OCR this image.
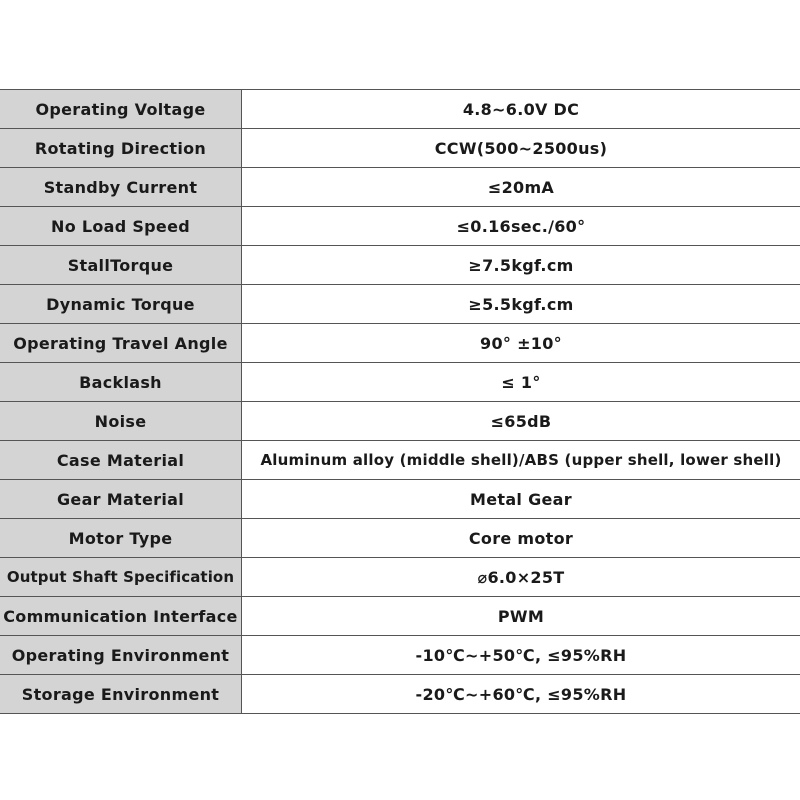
Operating Voltage	4.8~6.0V DC
Rotating Direction	CCW(500~2500us)
Standby Current	≤20mA
No Load Speed	≤0.16sec./60°
StallTorque	≥7.5kgf.cm
Dynamic Torque	≥5.5kgf.cm
Operating Travel Angle	90° ±10°
Backlash	≤ 1°
Noise	≤65dB
Case Material	Aluminum alloy (middle shell)/ABS (upper shell, lower shell)
Gear Material	Metal Gear
Motor Type	Core motor
Output Shaft Specification	⌀6.0×25T
Communication Interface	PWM
Operating Environment	-10℃~+50℃, ≤95%RH
Storage Environment	-20℃~+60℃, ≤95%RH
